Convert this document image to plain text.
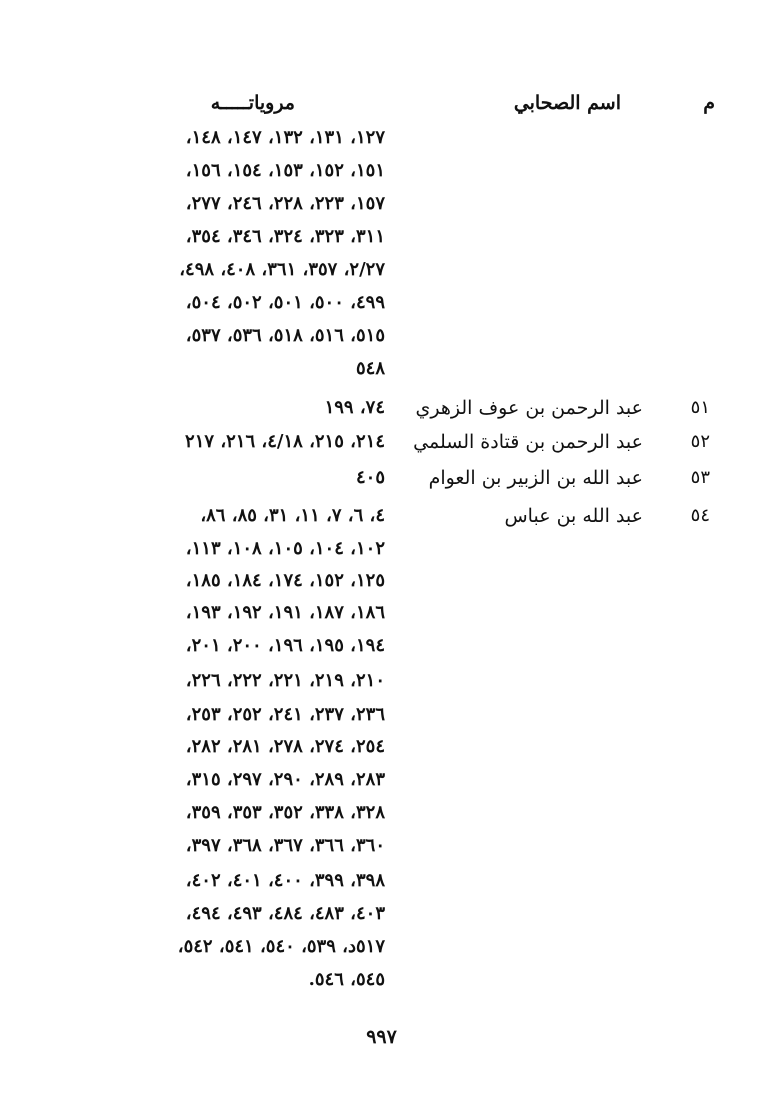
م
اسم الصحابي
مروياتـــــه
١٢٧، ١٣١، ١٣٢، ١٤٧، ١٤٨،
١٥١، ١٥٢، ١٥٣، ١٥٤، ١٥٦،
١٥٧، ٢٢٣، ٢٢٨، ٢٤٦، ٢٧٧،
٣١١، ٣٢٣، ٣٢٤، ٣٤٦، ٣٥٤،
٢/٢٧، ٣٥٧، ٣٦١، ٤٠٨، ٤٩٨،
٤٩٩، ٥٠٠، ٥٠١، ٥٠٢، ٥٠٤،
٥١٥، ٥١٦، ٥١٨، ٥٣٦، ٥٣٧،
٥٤٨
٥١
عبد الرحمن بن عوف الزهري
٧٤، ١٩٩
٥٢
عبد الرحمن بن قتادة السلمي
٢١٤، ٢١٥، ٤/١٨، ٢١٦، ٢١٧
٥٣
عبد الله بن الزبير بن العوام
٤٠٥
٥٤
عبد الله بن عباس
٤، ٦، ٧، ١١، ٣١، ٨٥، ٨٦،
١٠٢، ١٠٤، ١٠٥، ١٠٨، ١١٣،
١٢٥، ١٥٢، ١٧٤، ١٨٤، ١٨٥،
١٨٦، ١٨٧، ١٩١، ١٩٢، ١٩٣،
١٩٤، ١٩٥، ١٩٦، ٢٠٠، ٢٠١،
٢١٠، ٢١٩، ٢٢١، ٢٢٢، ٢٢٦،
٢٣٦، ٢٣٧، ٢٤١، ٢٥٢، ٢٥٣،
٢٥٤، ٢٧٤، ٢٧٨، ٢٨١، ٢٨٢،
٢٨٣، ٢٨٩، ٢٩٠، ٢٩٧، ٣١٥،
٣٢٨، ٣٣٨، ٣٥٢، ٣٥٣، ٣٥٩،
٣٦٠، ٣٦٦، ٣٦٧، ٣٦٨، ٣٩٧،
٣٩٨، ٣٩٩، ٤٠٠، ٤٠١، ٤٠٢،
٤٠٣، ٤٨٣، ٤٨٤، ٤٩٣، ٤٩٤،
٥١٧د، ٥٣٩، ٥٤٠، ٥٤١، ٥٤٢،
٥٤٥، ٥٤٦.
٩٩٧
